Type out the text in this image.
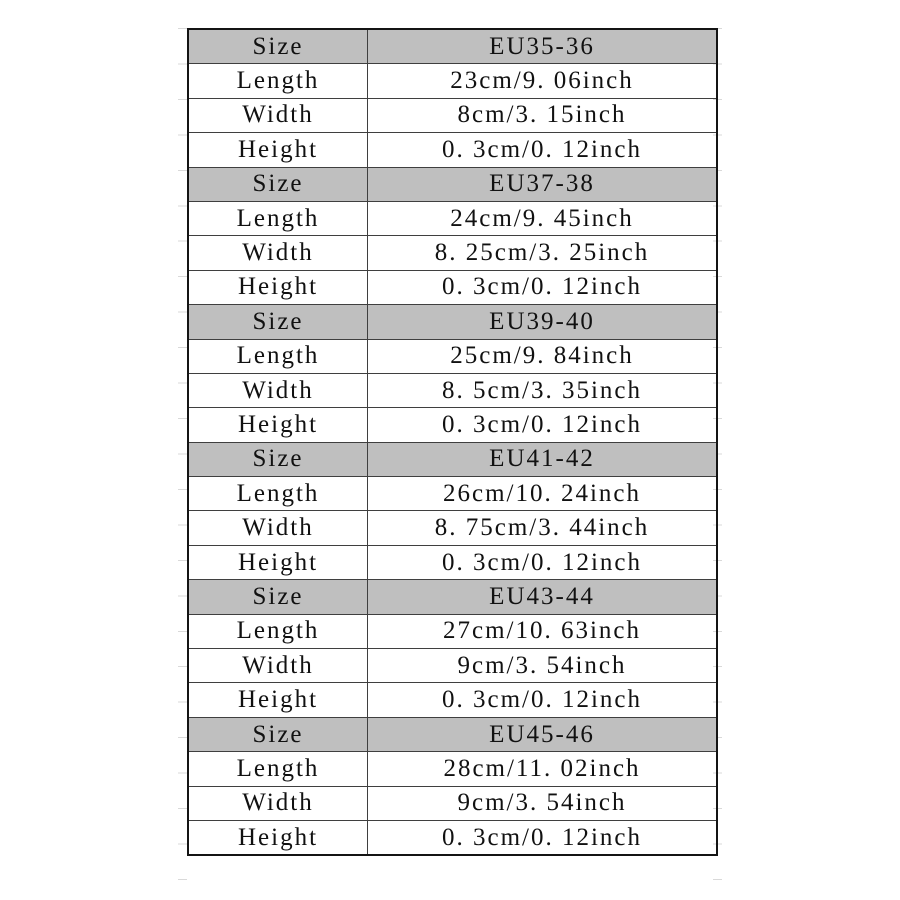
Size	EU35-36
Length	23cm/9. 06inch
Width	8cm/3. 15inch
Height	0. 3cm/0. 12inch
Size	EU37-38
Length	24cm/9. 45inch
Width	8. 25cm/3. 25inch
Height	0. 3cm/0. 12inch
Size	EU39-40
Length	25cm/9. 84inch
Width	8. 5cm/3. 35inch
Height	0. 3cm/0. 12inch
Size	EU41-42
Length	26cm/10. 24inch
Width	8. 75cm/3. 44inch
Height	0. 3cm/0. 12inch
Size	EU43-44
Length	27cm/10. 63inch
Width	9cm/3. 54inch
Height	0. 3cm/0. 12inch
Size	EU45-46
Length	28cm/11. 02inch
Width	9cm/3. 54inch
Height	0. 3cm/0. 12inch
